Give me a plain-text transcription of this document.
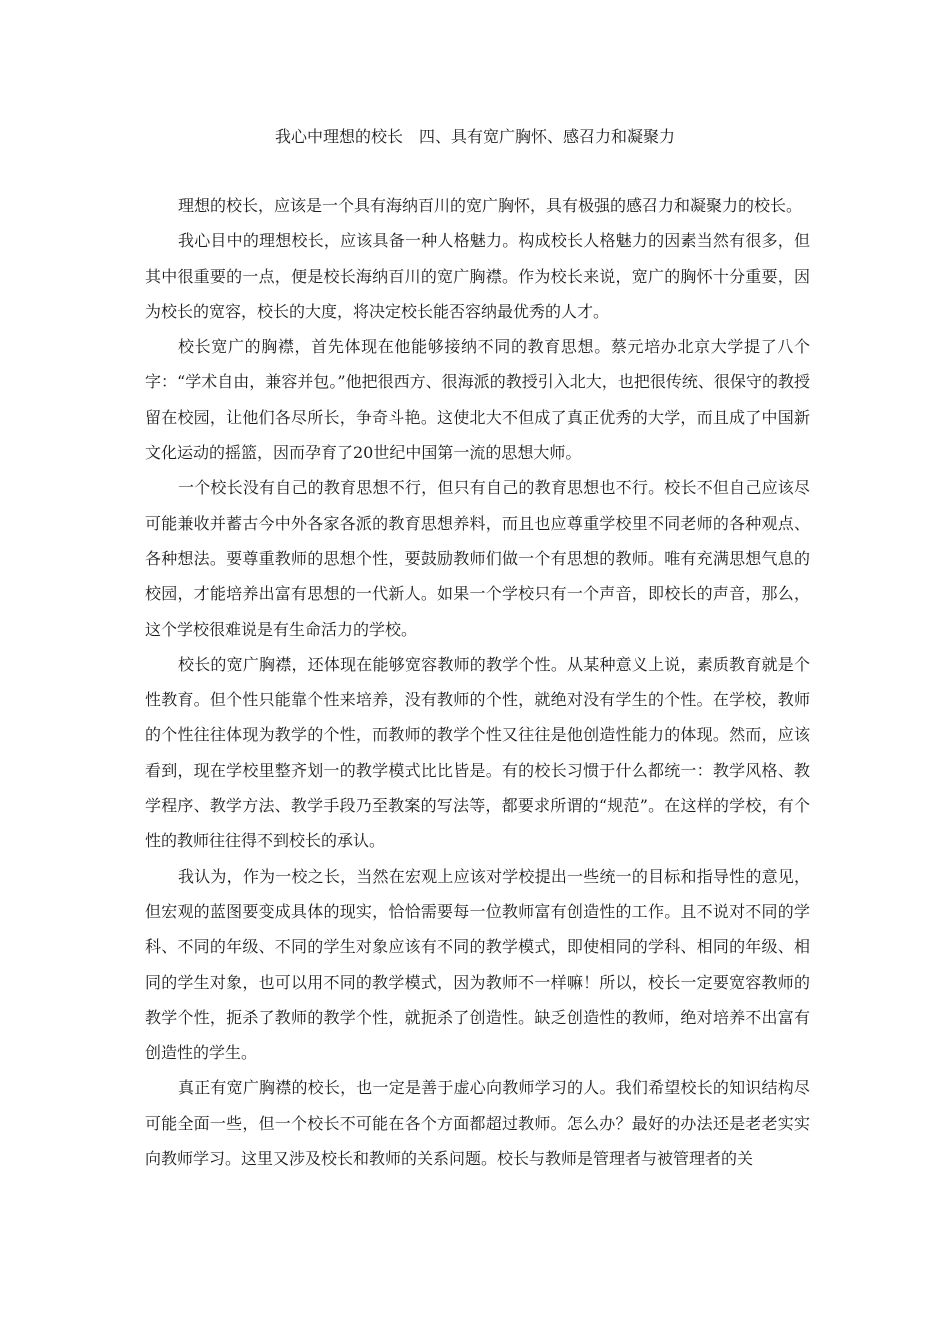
我心中理想的校长　四、具有宽广胸怀、感召力和凝聚力

理想的校长，应该是一个具有海纳百川的宽广胸怀，具有极强的感召力和凝聚力的校长。

我心目中的理想校长，应该具备一种人格魅力。构成校长人格魅力的因素当然有很多，但其中很重要的一点，便是校长海纳百川的宽广胸襟。作为校长来说，宽广的胸怀十分重要，因为校长的宽容，校长的大度，将决定校长能否容纳最优秀的人才。

校长宽广的胸襟，首先体现在他能够接纳不同的教育思想。蔡元培办北京大学提了八个字：“学术自由，兼容并包。”他把很西方、很海派的教授引入北大，也把很传统、很保守的教授留在校园，让他们各尽所长，争奇斗艳。这使北大不但成了真正优秀的大学，而且成了中国新文化运动的摇篮，因而孕育了20世纪中国第一流的思想大师。

一个校长没有自己的教育思想不行，但只有自己的教育思想也不行。校长不但自己应该尽可能兼收并蓄古今中外各家各派的教育思想养料，而且也应尊重学校里不同老师的各种观点、各种想法。要尊重教师的思想个性，要鼓励教师们做一个有思想的教师。唯有充满思想气息的校园，才能培养出富有思想的一代新人。如果一个学校只有一个声音，即校长的声音，那么，这个学校很难说是有生命活力的学校。

校长的宽广胸襟，还体现在能够宽容教师的教学个性。从某种意义上说，素质教育就是个性教育。但个性只能靠个性来培养，没有教师的个性，就绝对没有学生的个性。在学校，教师的个性往往体现为教学的个性，而教师的教学个性又往往是他创造性能力的体现。然而，应该看到，现在学校里整齐划一的教学模式比比皆是。有的校长习惯于什么都统一：教学风格、教学程序、教学方法、教学手段乃至教案的写法等，都要求所谓的“规范”。在这样的学校，有个性的教师往往得不到校长的承认。

我认为，作为一校之长，当然在宏观上应该对学校提出一些统一的目标和指导性的意见，但宏观的蓝图要变成具体的现实，恰恰需要每一位教师富有创造性的工作。且不说对不同的学科、不同的年级、不同的学生对象应该有不同的教学模式，即使相同的学科、相同的年级、相同的学生对象，也可以用不同的教学模式，因为教师不一样嘛！所以，校长一定要宽容教师的教学个性，扼杀了教师的教学个性，就扼杀了创造性。缺乏创造性的教师，绝对培养不出富有创造性的学生。

真正有宽广胸襟的校长，也一定是善于虚心向教师学习的人。我们希望校长的知识结构尽可能全面一些，但一个校长不可能在各个方面都超过教师。怎么办？最好的办法还是老老实实向教师学习。这里又涉及校长和教师的关系问题。校长与教师是管理者与被管理者的关
